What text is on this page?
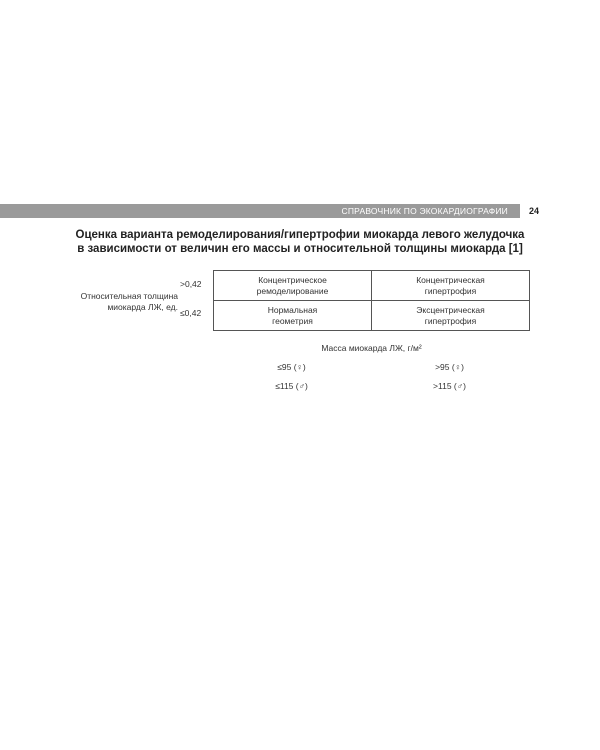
СПРАВОЧНИК ПО ЭКОКАРДИОГРАФИИ 24
Оценка варианта ремоделирования/гипертрофии миокарда левого желудочка
в зависимости от величин его массы и относительной толщины миокарда [1]
Относительная толщина
миокарда ЛЖ, ед.
>0,42
≤0,42
Концентрическое
ремоделирование
Концентрическая
гипертрофия
Нормальная
геометрия
Эксцентрическая
гипертрофия
Масса миокарда ЛЖ, г/м²
≤95 (♀)
≤115 (♂)
>95 (♀)
>115 (♂)
